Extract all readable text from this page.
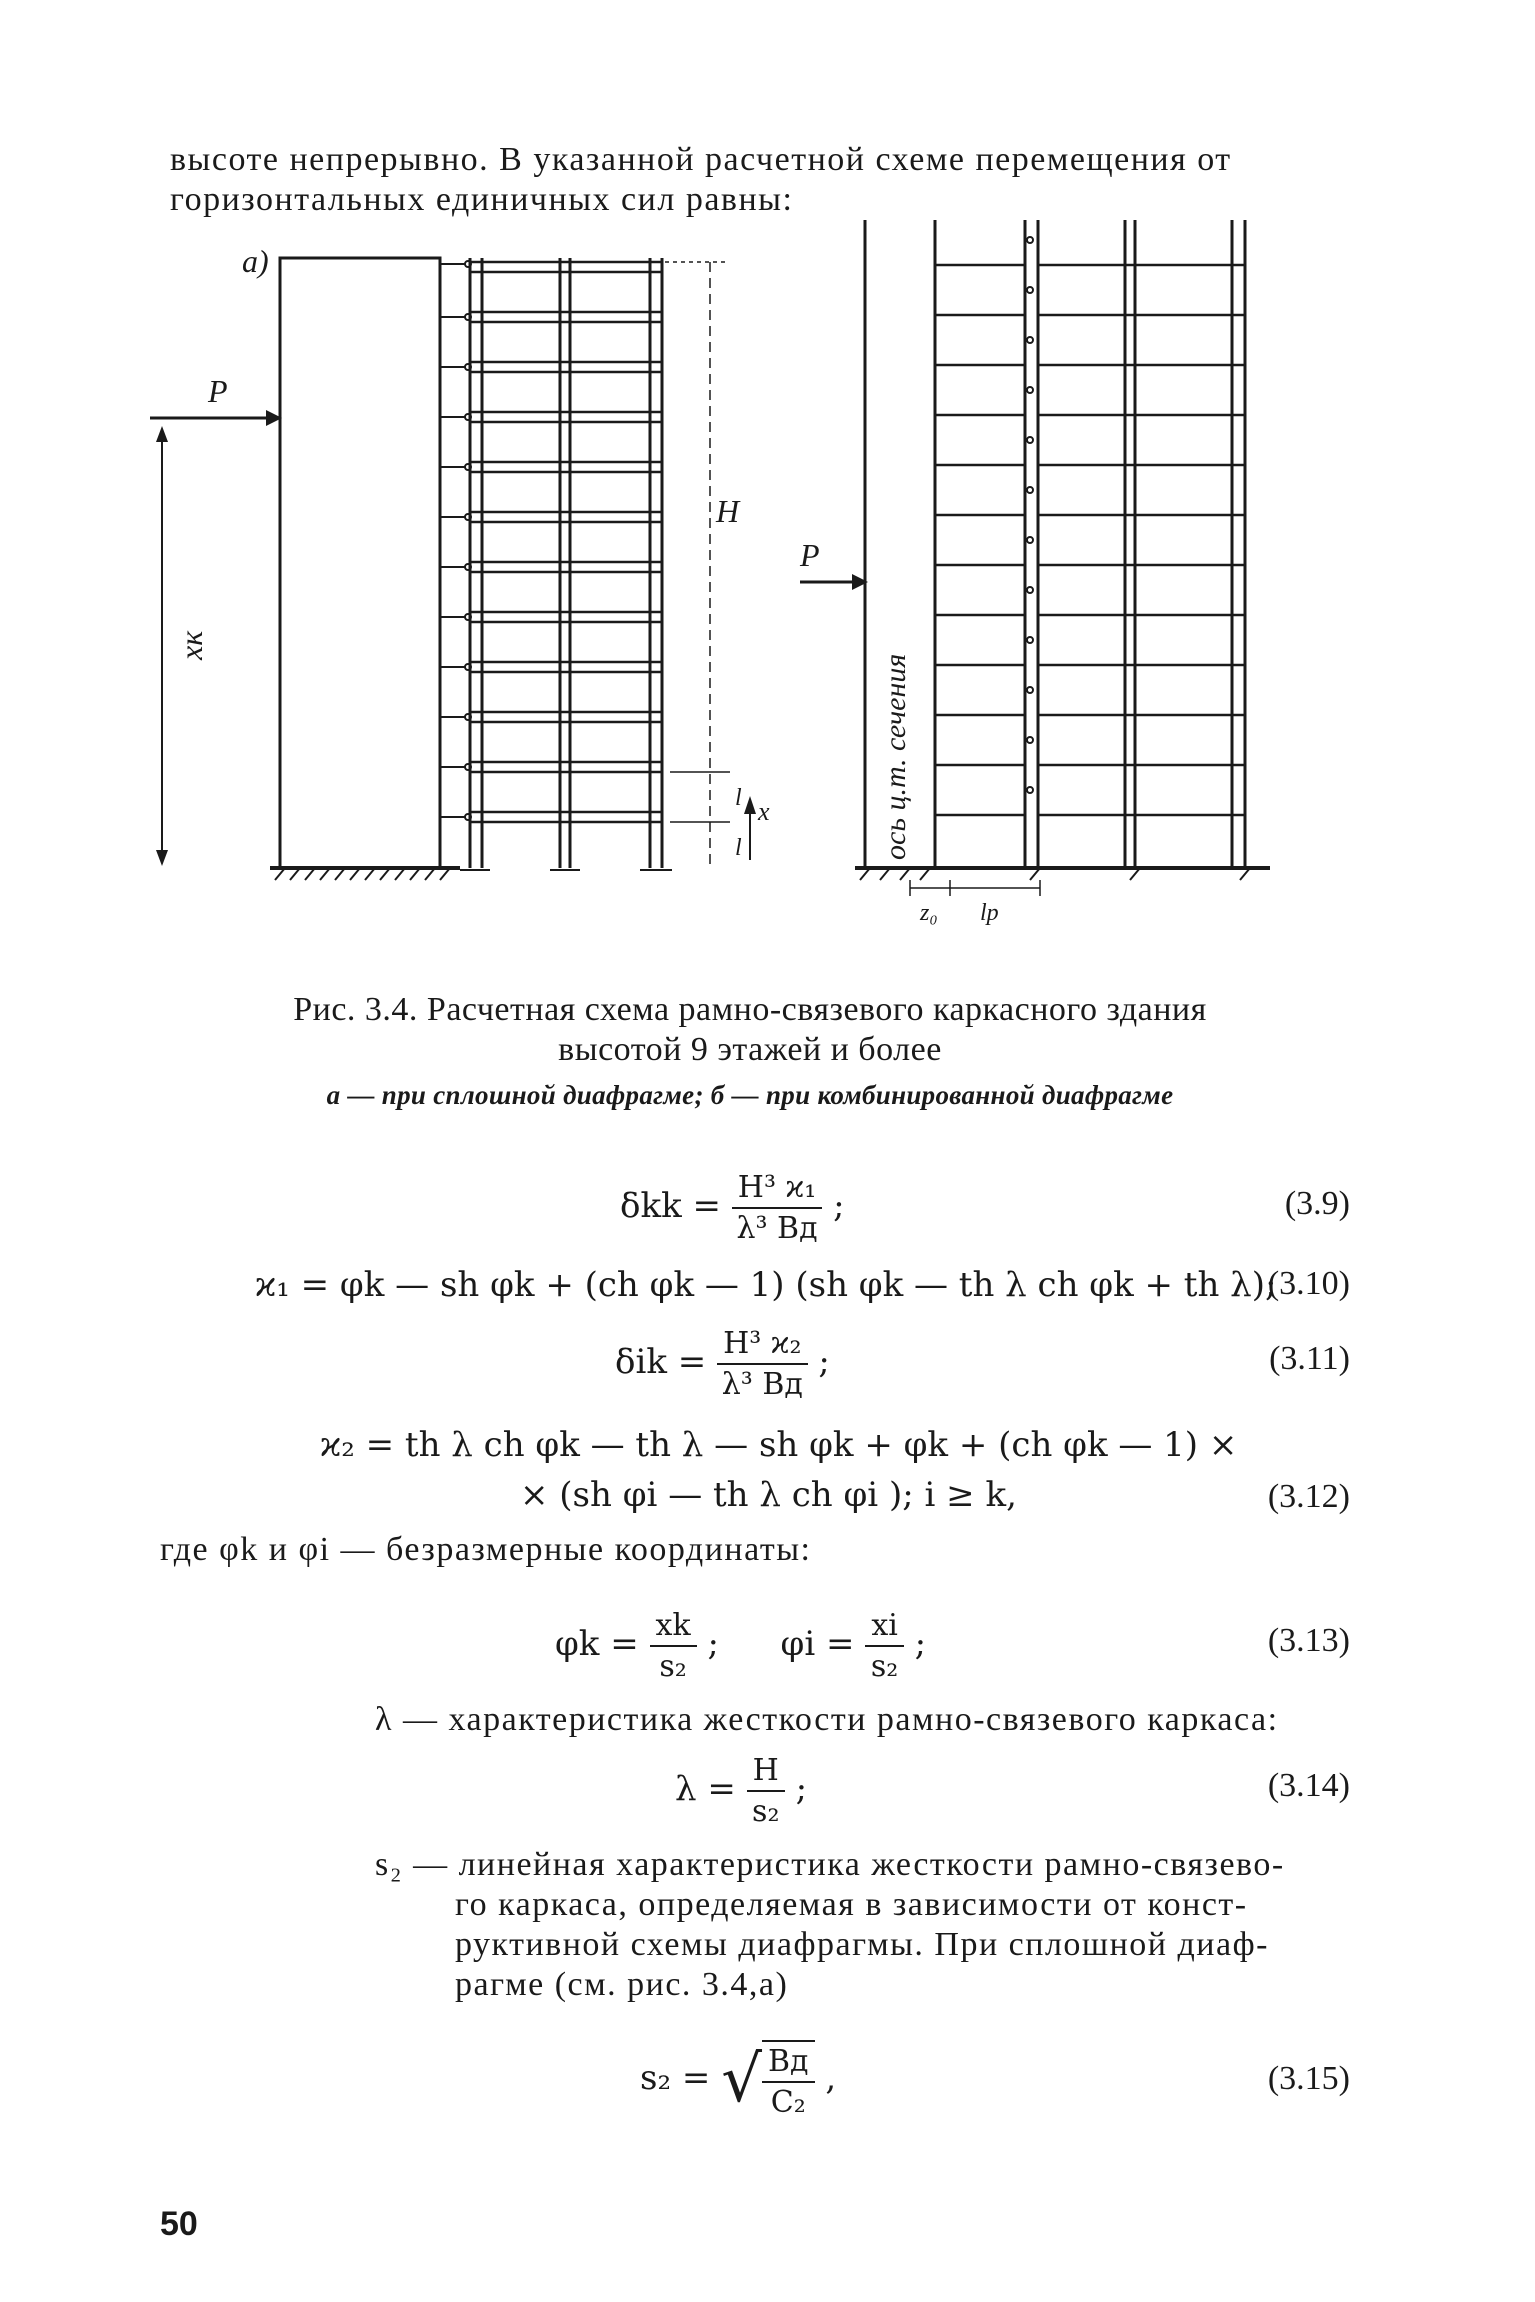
высоте непрерывно. В указанной расчетной схеме перемещения от
горизонтальных единичных сил равны:
а)
P
P
H
x
l
l
z₀ lр
xк
ось ц.т. сечения
Рис. 3.4. Расчетная схема рамно-связевого каркасного здания
высотой 9 этажей и более
а — при сплошной диафрагме; б — при комбинированной диафрагме
$\delta kk = \frac{\text{H³ ϰ₁}}{\text{λ³ Bд}}$ ;	(3.9)
ϰ₁ = φk — sh φk + (ch φk — 1) (sh φk — th λ ch φk + th λ);
(3.10)
$\delta ik = \frac{\text{H³ ϰ₂}}{\text{λ³ Bд}}$ ;	(3.11)
ϰ₂ = th λ ch φk — th λ — sh φk + φk + (ch φk — 1) ×
× (sh φi — th λ ch φi ); i ≥ k,	(3.12)
где φk и φi — безразмерные координаты:
$\varphi k = \frac{xk}{\text{s₂}}$ ; $\varphi i = \frac{xi}{\text{s₂}}$ ;	(3.13)
λ — характеристика жесткости рамно-связевого каркаса:
$\lambda = \frac{H}{\text{s₂}}$ ;	(3.14)
s₂ — линейная характеристика жесткости рамно-связево-
го каркаса, определяемая в зависимости от конст-
руктивной схемы диафрагмы. При сплошной диаф-
рагме (см. рис. 3.4,а)
s₂ = √ $\frac{Bд}{\text{C₂}}$ ,	(3.15)
50
